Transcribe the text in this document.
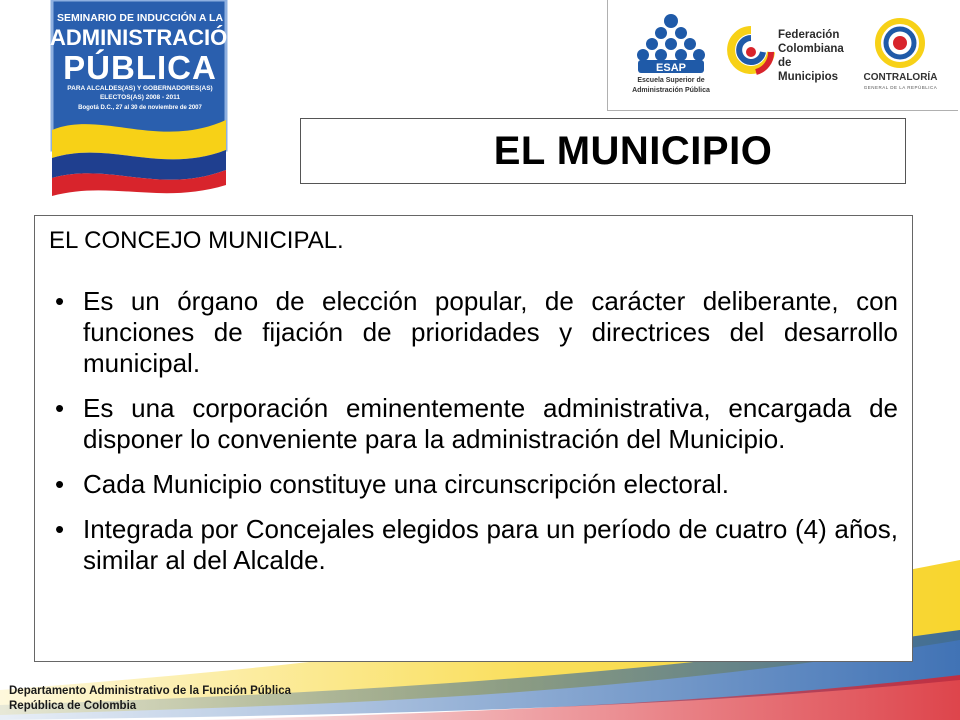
SEMINARIO DE INDUCCIÓN A LA
ADMINISTRACIÓN
PÚBLICA
PARA ALCALDES(AS) Y GOBERNADORES(AS)
ELECTOS(AS) 2008 - 2011
Bogotá D.C., 27 al 30 de noviembre de 2007
ESAP
Escuela Superior de
Administración Pública
Federación
Colombiana
de Municipios	CONTRALORÍA
GENERAL DE LA REPÚBLICA
EL MUNICIPIO
EL CONCEJO MUNICIPAL.
• Es un órgano de elección popular, de carácter deliberante, con funciones de fijación de prioridades y directrices del desarrollo municipal.
• Es una corporación eminentemente administrativa, encargada de disponer lo conveniente para la administración del Municipio.
• Cada Municipio constituye una circunscripción electoral.
• Integrada por Concejales elegidos para un período de cuatro (4) años, similar al del Alcalde.
Departamento Administrativo de la Función Pública
República de Colombia
